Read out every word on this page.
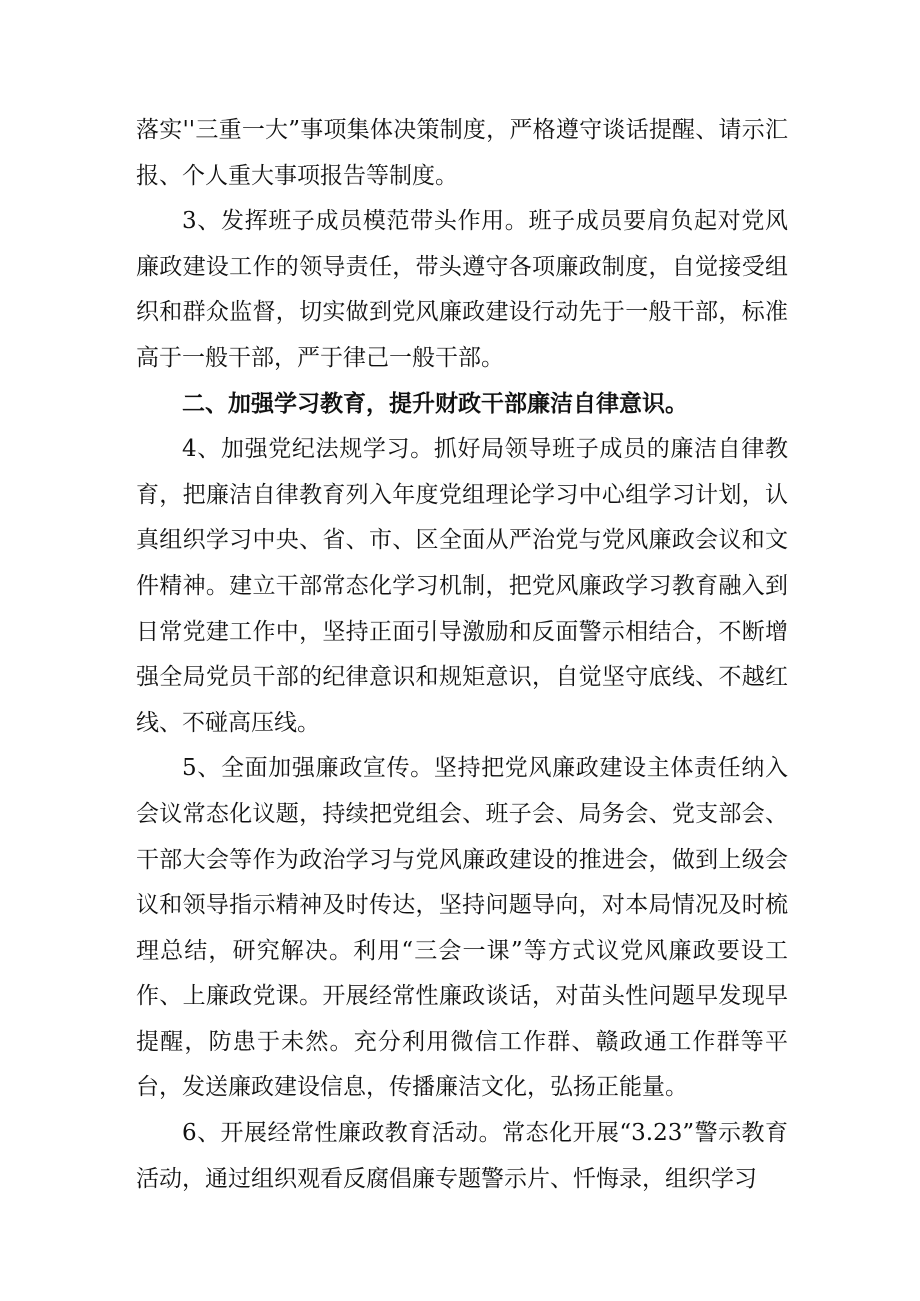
落实''三重一大”事项集体决策制度，严格遵守谈话提醒、请示汇报、个人重大事项报告等制度。

3、发挥班子成员模范带头作用。班子成员要肩负起对党风廉政建设工作的领导责任，带头遵守各项廉政制度，自觉接受组织和群众监督，切实做到党风廉政建设行动先于一般干部，标准高于一般干部，严于律己一般干部。

二、加强学习教育，提升财政干部廉洁自律意识。

4、加强党纪法规学习。抓好局领导班子成员的廉洁自律教育，把廉洁自律教育列入年度党组理论学习中心组学习计划，认真组织学习中央、省、市、区全面从严治党与党风廉政会议和文件精神。建立干部常态化学习机制，把党风廉政学习教育融入到日常党建工作中，坚持正面引导激励和反面警示相结合，不断增强全局党员干部的纪律意识和规矩意识，自觉坚守底线、不越红线、不碰高压线。

5、全面加强廉政宣传。坚持把党风廉政建设主体责任纳入会议常态化议题，持续把党组会、班子会、局务会、党支部会、干部大会等作为政治学习与党风廉政建设的推进会，做到上级会议和领导指示精神及时传达，坚持问题导向，对本局情况及时梳理总结，研究解决。利用“三会一课”等方式议党风廉政要设工作、上廉政党课。开展经常性廉政谈话，对苗头性问题早发现早提醒，防患于未然。充分利用微信工作群、赣政通工作群等平台，发送廉政建设信息，传播廉洁文化，弘扬正能量。

6、开展经常性廉政教育活动。常态化开展“3.23”警示教育活动，通过组织观看反腐倡廉专题警示片、忏悔录，组织学习
